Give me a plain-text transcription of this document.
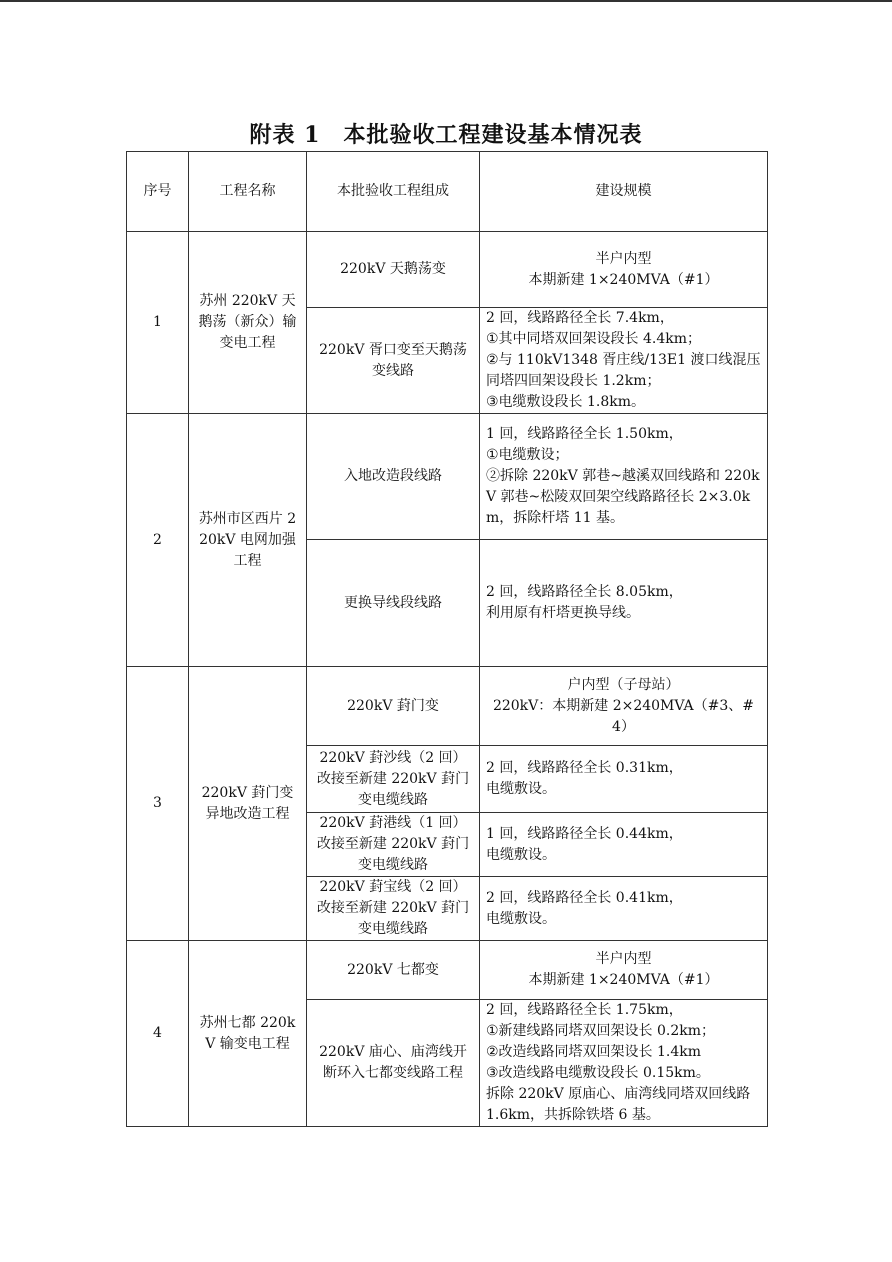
附表 1　本批验收工程建设基本情况表
序号	工程名称	本批验收工程组成	建设规模
1	苏州 220kV 天鹅荡（新众）输变电工程	220kV 天鹅荡变	半户内型
本期新建 1×240MVA（#1）
		220kV 胥口变至天鹅荡变线路	2 回，线路路径全长 7.4km，
①其中同塔双回架设段长 4.4km；
②与 110kV1348 胥庄线/13E1 渡口线混压同塔四回架设段长 1.2km；
③电缆敷设段长 1.8km。
2	苏州市区西片 220kV 电网加强工程	入地改造段线路	1 回，线路路径全长 1.50km，
①电缆敷设；
②拆除 220kV 郭巷~越溪双回线路和 220kV 郭巷~松陵双回架空线路路径长 2×3.0km，拆除杆塔 11 基。
		更换导线段线路	2 回，线路路径全长 8.05km，
利用原有杆塔更换导线。
3	220kV 葑门变异地改造工程	220kV 葑门变	户内型（子母站）
220kV：本期新建 2×240MVA（#3、#4）
		220kV 葑沙线（2 回）改接至新建 220kV 葑门变电缆线路	2 回，线路路径全长 0.31km，
电缆敷设。
		220kV 葑港线（1 回）改接至新建 220kV 葑门变电缆线路	1 回，线路路径全长 0.44km，
电缆敷设。
		220kV 葑宝线（2 回）改接至新建 220kV 葑门变电缆线路	2 回，线路路径全长 0.41km，
电缆敷设。
4	苏州七都 220kV 输变电工程	220kV 七都变	半户内型
本期新建 1×240MVA（#1）
		220kV 庙心、庙湾线开断环入七都变线路工程	2 回，线路路径全长 1.75km，
①新建线路同塔双回架设长 0.2km；
②改造线路同塔双回架设长 1.4km
③改造线路电缆敷设段长 0.15km。
拆除 220kV 原庙心、庙湾线同塔双回线路 1.6km，共拆除铁塔 6 基。
